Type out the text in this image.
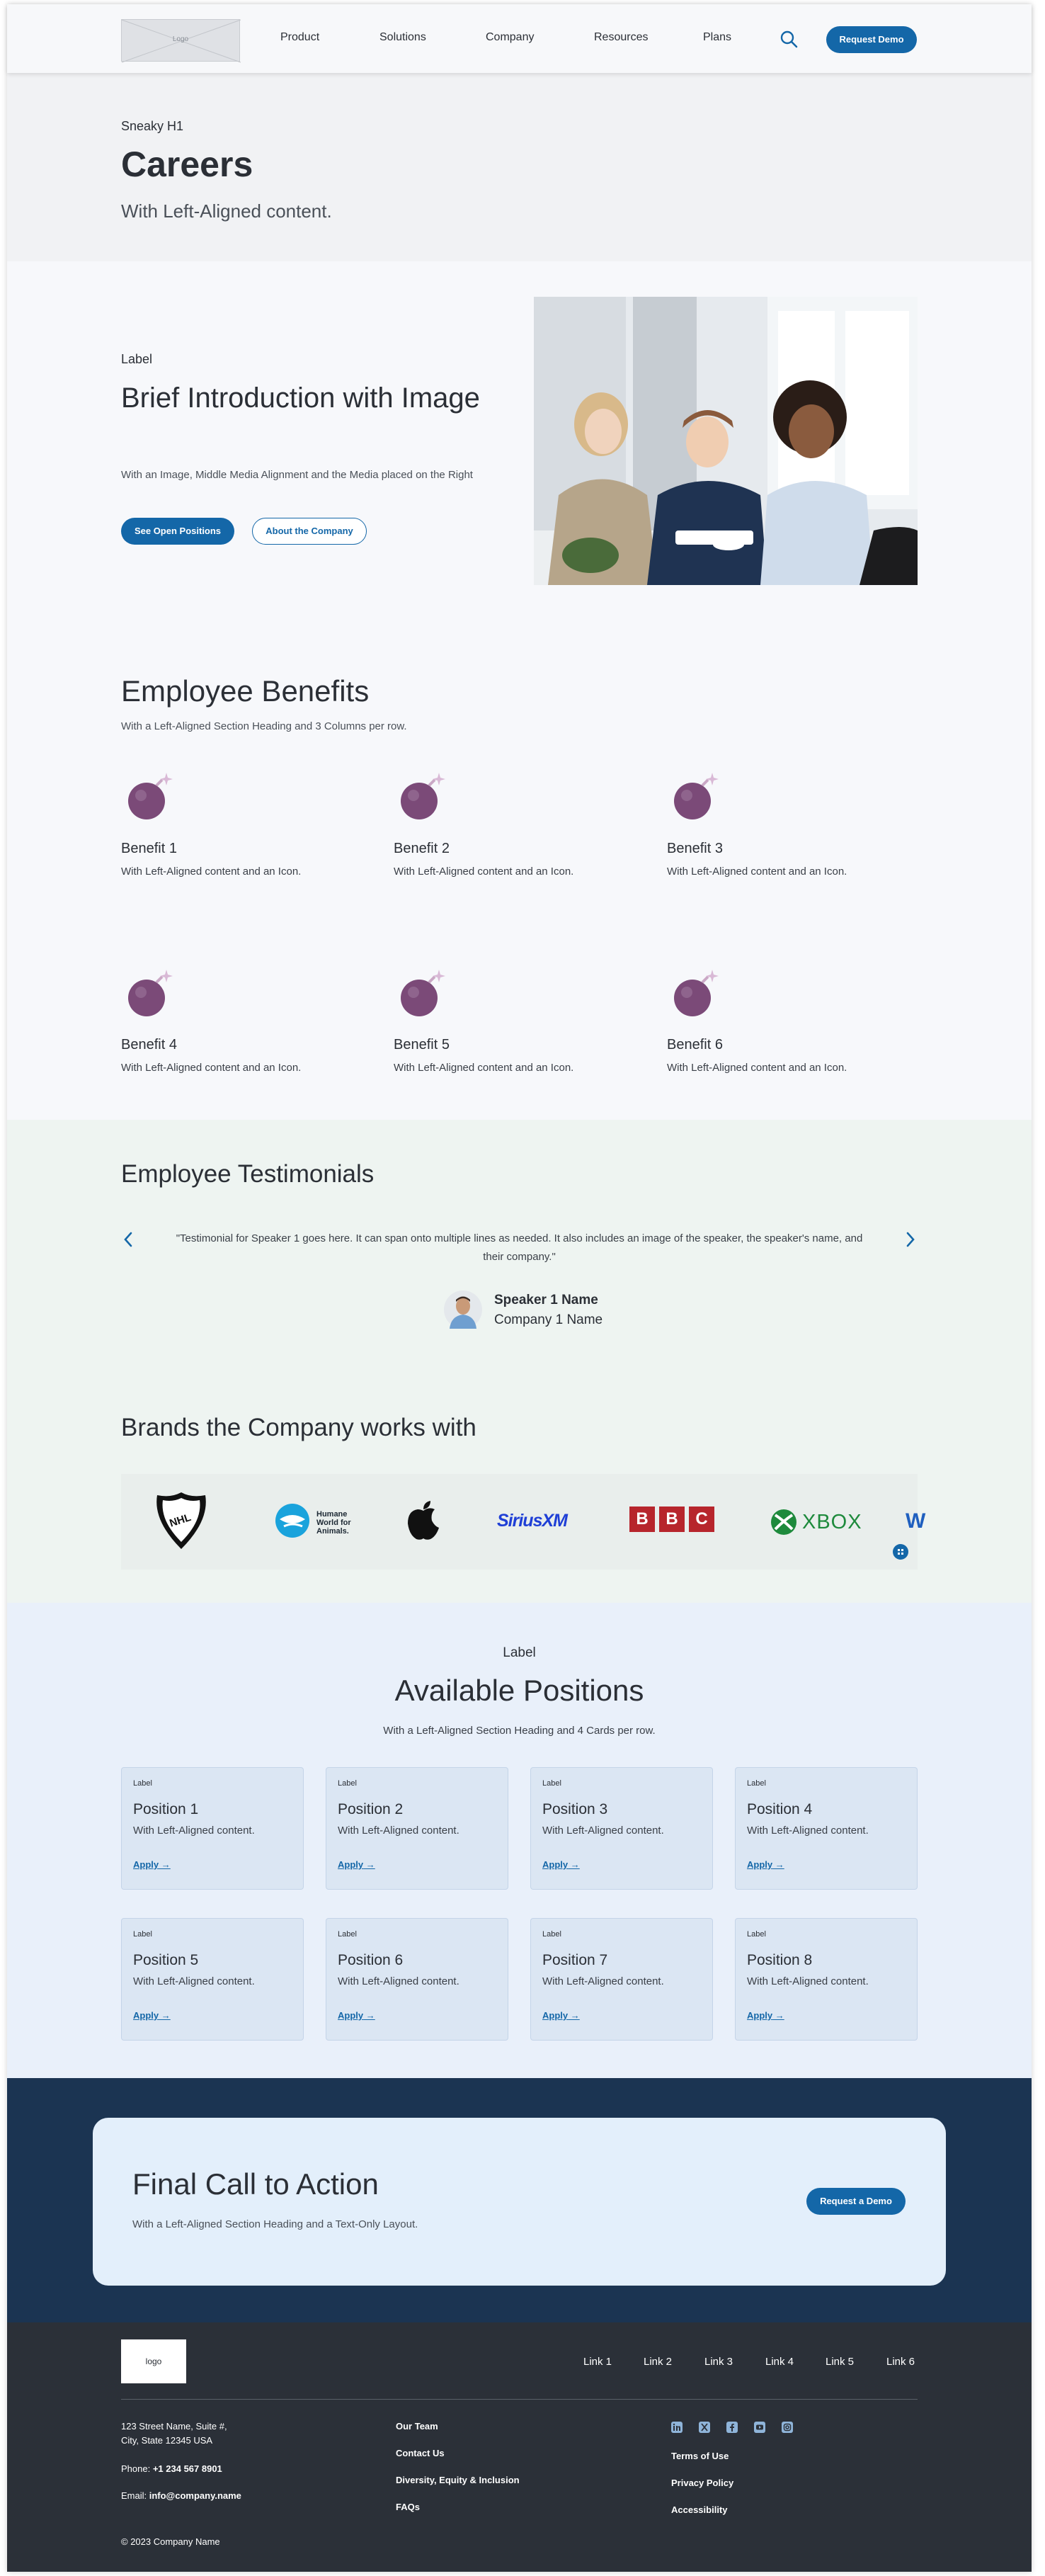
Logo	Product	Solutions	Company	Resources	Plans	Request Demo
Sneaky H1
Careers
With Left-Aligned content.
Label
Brief Introduction with Image
With an Image, Middle Media Alignment and the Media placed on the Right
See Open Positions	About the Company
Employee Benefits
With a Left-Aligned Section Heading and 3 Columns per row.
Benefit 1
With Left-Aligned content and an Icon.
Benefit 2
With Left-Aligned content and an Icon.
Benefit 3
With Left-Aligned content and an Icon.
Benefit 4
With Left-Aligned content and an Icon.
Benefit 5
With Left-Aligned content and an Icon.
Benefit 6
With Left-Aligned content and an Icon.
Employee Testimonials
"Testimonial for Speaker 1 goes here. It can span onto multiple lines as needed. It also includes an image of the speaker, the speaker's name, and their company."
Speaker 1 Name
Company 1 Name
Brands the Company works with
NHL	Humane
World for
Animals.
SiriusXM	B	B	C	XBOX W
Label
Available Positions
With a Left-Aligned Section Heading and 4 Cards per row.
Label
Position 1
With Left-Aligned content.
Apply →
Label
Position 2
With Left-Aligned content.
Apply →
Label
Position 3
With Left-Aligned content.
Apply →
Label
Position 4
With Left-Aligned content.
Apply →
Label
Position 5
With Left-Aligned content.
Apply →
Label
Position 6
With Left-Aligned content.
Apply →
Label
Position 7
With Left-Aligned content.
Apply →
Label
Position 8
With Left-Aligned content.
Apply →
Final Call to Action
With a Left-Aligned Section Heading and a Text-Only Layout.
Request a Demo
logo	Link 1	Link 2	Link 3	Link 4	Link 5	Link 6
123 Street Name, Suite #,
City, State 12345 USA
Phone: +1 234 567 8901
Email: info@company.name
© 2023 Company Name
Our Team
Contact Us
Diversity, Equity & Inclusion
FAQs
Terms of Use
Privacy Policy
Accessibility
